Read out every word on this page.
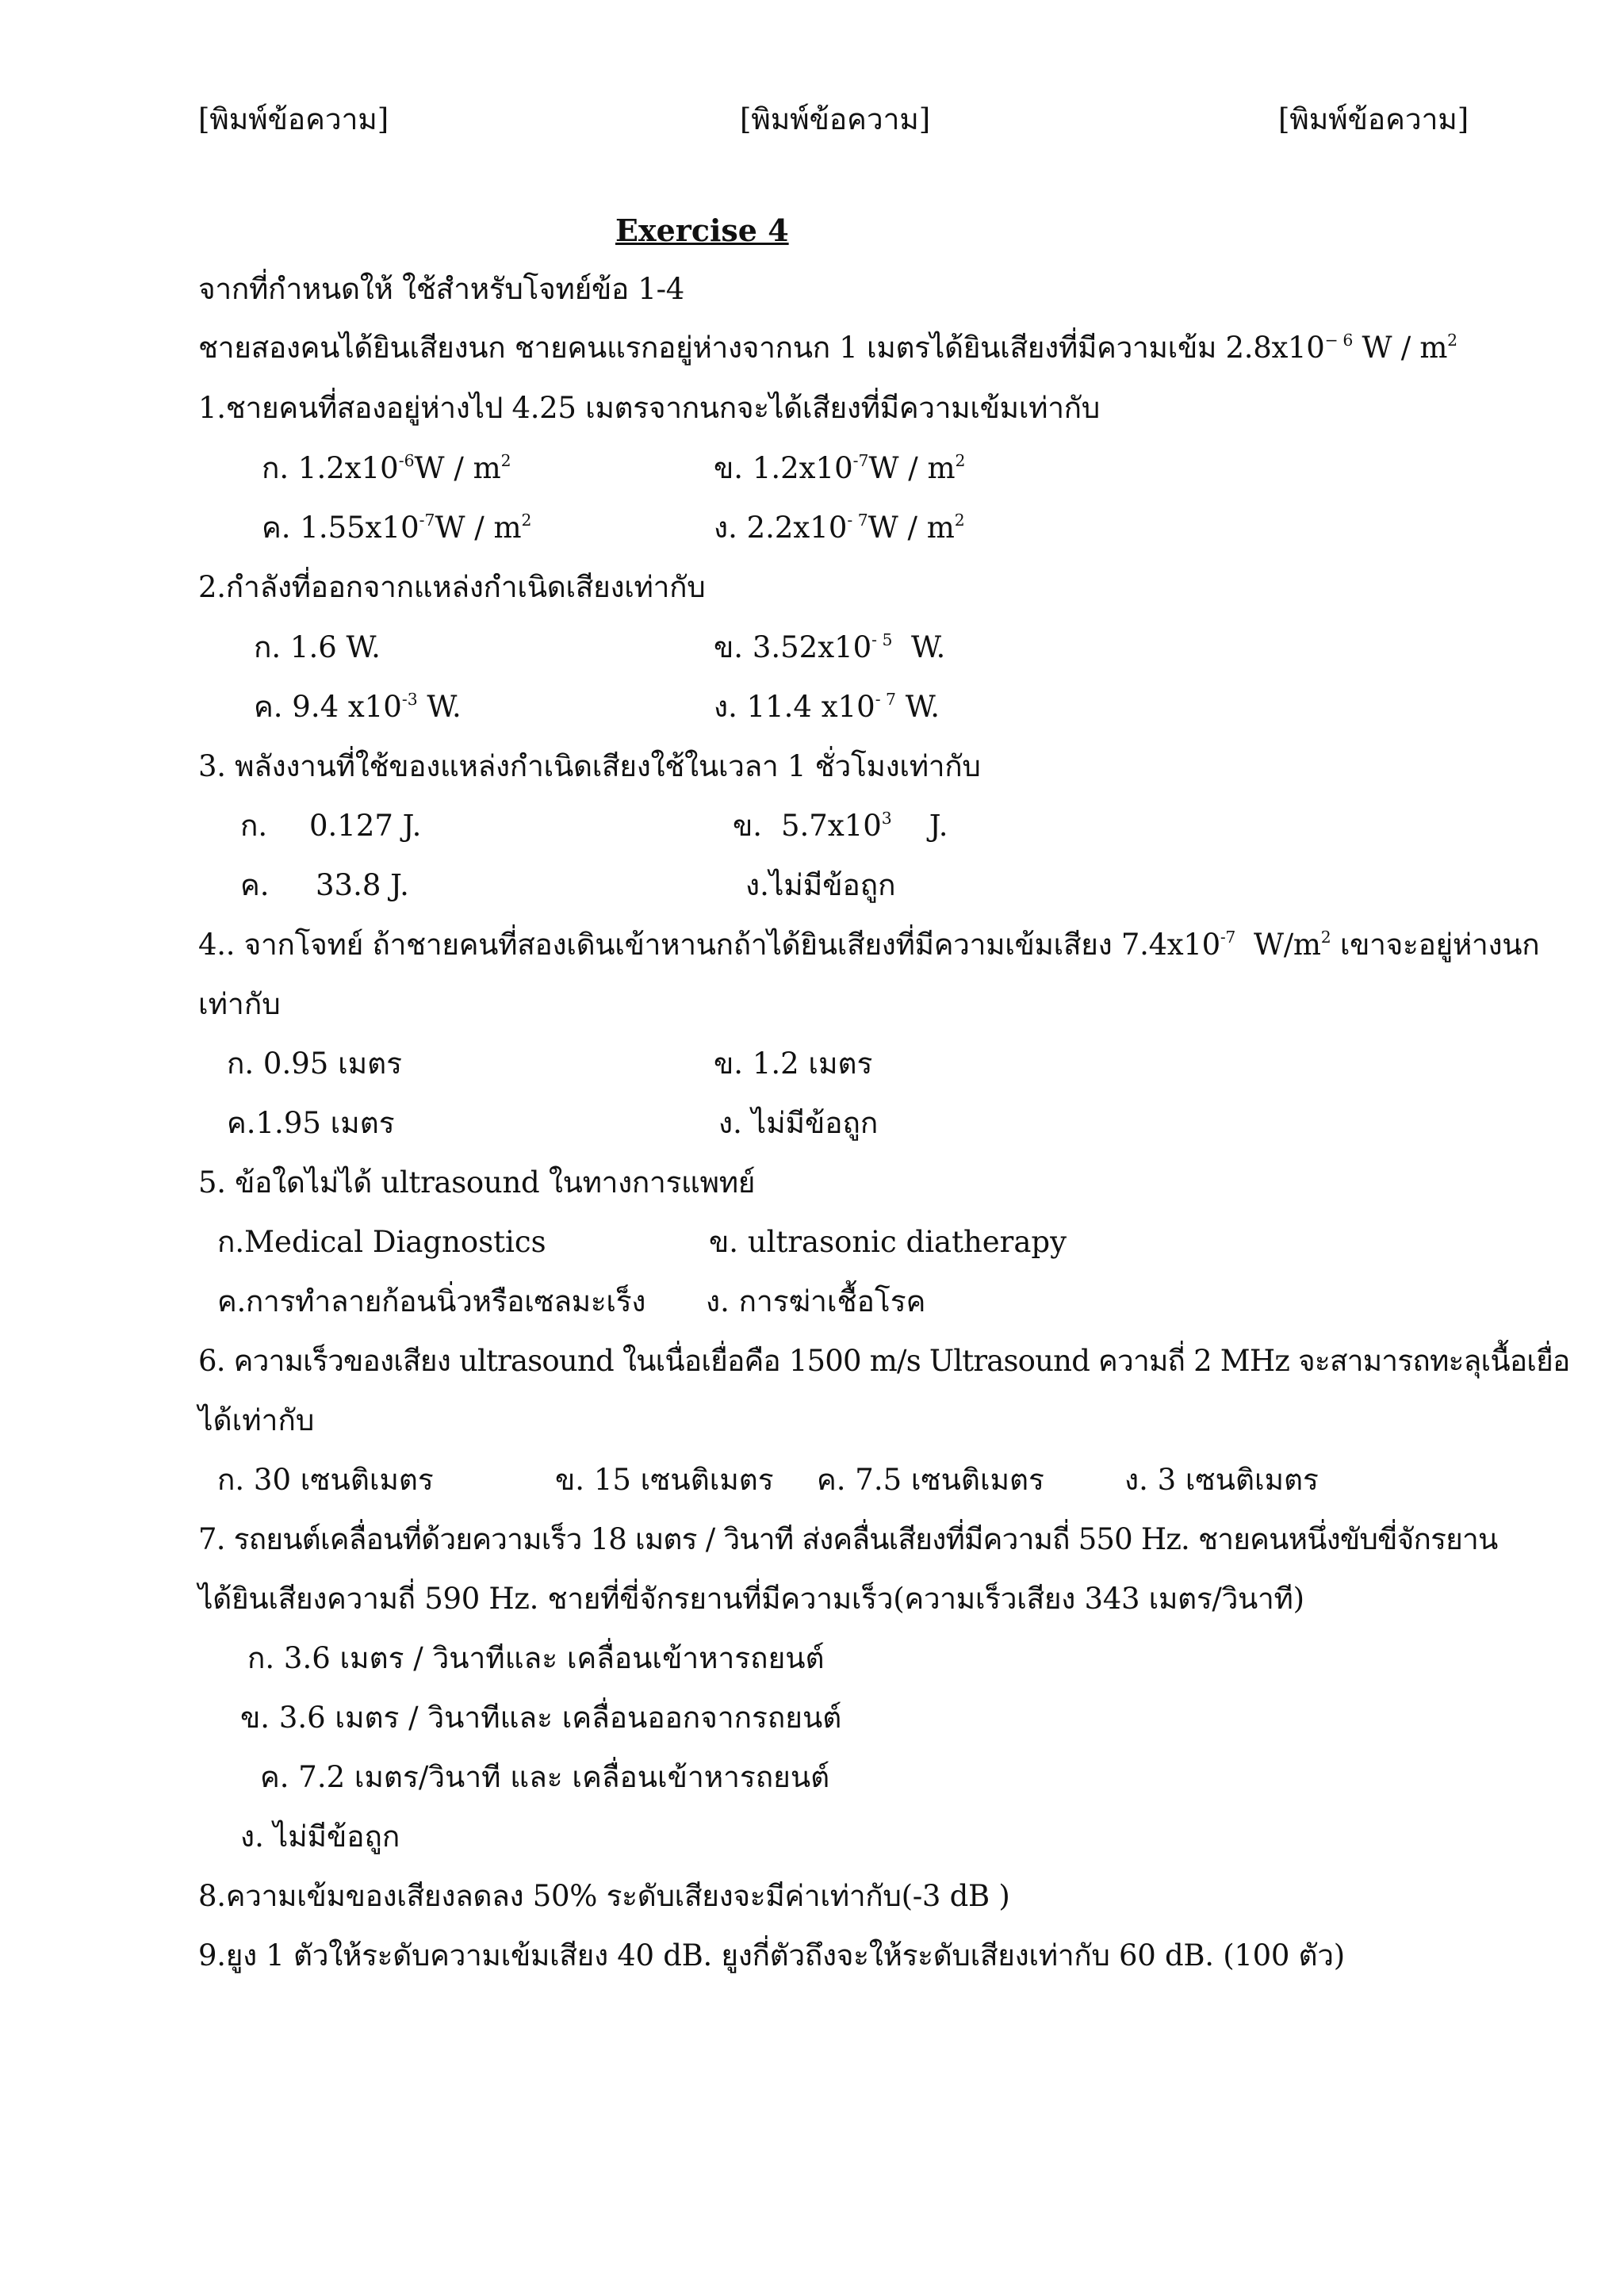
[พิมพ์ข้อความ]	[พิมพ์ข้อความ]	[พิมพ์ข้อความ]
Exercise 4
จากที่กำหนดให้ ใช้สำหรับโจทย์ข้อ 1-4
ชายสองคนได้ยินเสียงนก ชายคนแรกอยู่ห่างจากนก 1 เมตรได้ยินเสียงที่มีความเข้ม $2.8x10^{- 6}$ W / $m^2$
1.ชายคนที่สองอยู่ห่างไป 4.25 เมตรจากนกจะได้เสียงที่มีความเข้มเท่ากับ
ก. $1.2x10^{-6}W / m^2$	ข. $1.2x10^{-7}W / m^2$
ค. $1.55x10^{-7}W / m^2$	ง. $2.2x10^{- 7}W / m^2$
2.กำลังที่ออกจากแหล่งกำเนิดเสียงเท่ากับ
ก. 1.6 W.	ข. $3.52x10^{- 5}$ W.
ค. 9.4 $x10^{-3}$ W.	ง. 11.4 $x10^{- 7}$ W.
3. พลังงานที่ใช้ของแหล่งกำเนิดเสียงใช้ในเวลา 1 ชั่วโมงเท่ากับ
ก. 0.127 J.	ข. $5.7x10^3$ J.
ค. 33.8 J.	ง.ไม่มีข้อถูก
4.. จากโจทย์ ถ้าชายคนที่สองเดินเข้าหานกถ้าได้ยินเสียงที่มีความเข้มเสียง $7.4x10^{-7}$ $W/m^2$ เขาจะอยู่ห่างนก
เท่ากับ
ก. 0.95 เมตร	ข. 1.2 เมตร
ค.1.95 เมตร	ง. ไม่มีข้อถูก
5. ข้อใดไม่ได้ ultrasound ในทางการแพทย์
ก.Medical Diagnostics	ข. ultrasonic diatherapy
ค.การทำลายก้อนนิ่วหรือเซลมะเร็ง ง. การฆ่าเชื้อโรค
6. ความเร็วของเสียง ultrasound ในเนื่อเยื่อคือ 1500 m/s Ultrasound ความถี่ 2 MHz จะสามารถทะลุเนื้อเยื่อ
ได้เท่ากับ
ก. 30 เซนติเมตร	ข. 15 เซนติเมตร ค. 7.5 เซนติเมตร	ง. 3 เซนติเมตร
7. รถยนต์เคลื่อนที่ด้วยความเร็ว 18 เมตร / วินาที ส่งคลื่นเสียงที่มีความถี่ 550 Hz. ชายคนหนึ่งขับขี่จักรยาน
ได้ยินเสียงความถี่ 590 Hz. ชายที่ขี่จักรยานที่มีความเร็ว(ความเร็วเสียง 343 เมตร/วินาที)
ก. 3.6 เมตร / วินาทีและ เคลื่อนเข้าหารถยนต์
ข. 3.6 เมตร / วินาทีและ เคลื่อนออกจากรถยนต์
ค. 7.2 เมตร/วินาที และ เคลื่อนเข้าหารถยนต์
ง. ไม่มีข้อถูก
8.ความเข้มของเสียงลดลง 50% ระดับเสียงจะมีค่าเท่ากับ(-3 dB )
9.ยูง 1 ตัวให้ระดับความเข้มเสียง 40 dB. ยูงกี่ตัวถึงจะให้ระดับเสียงเท่ากับ 60 dB. (100 ตัว)
